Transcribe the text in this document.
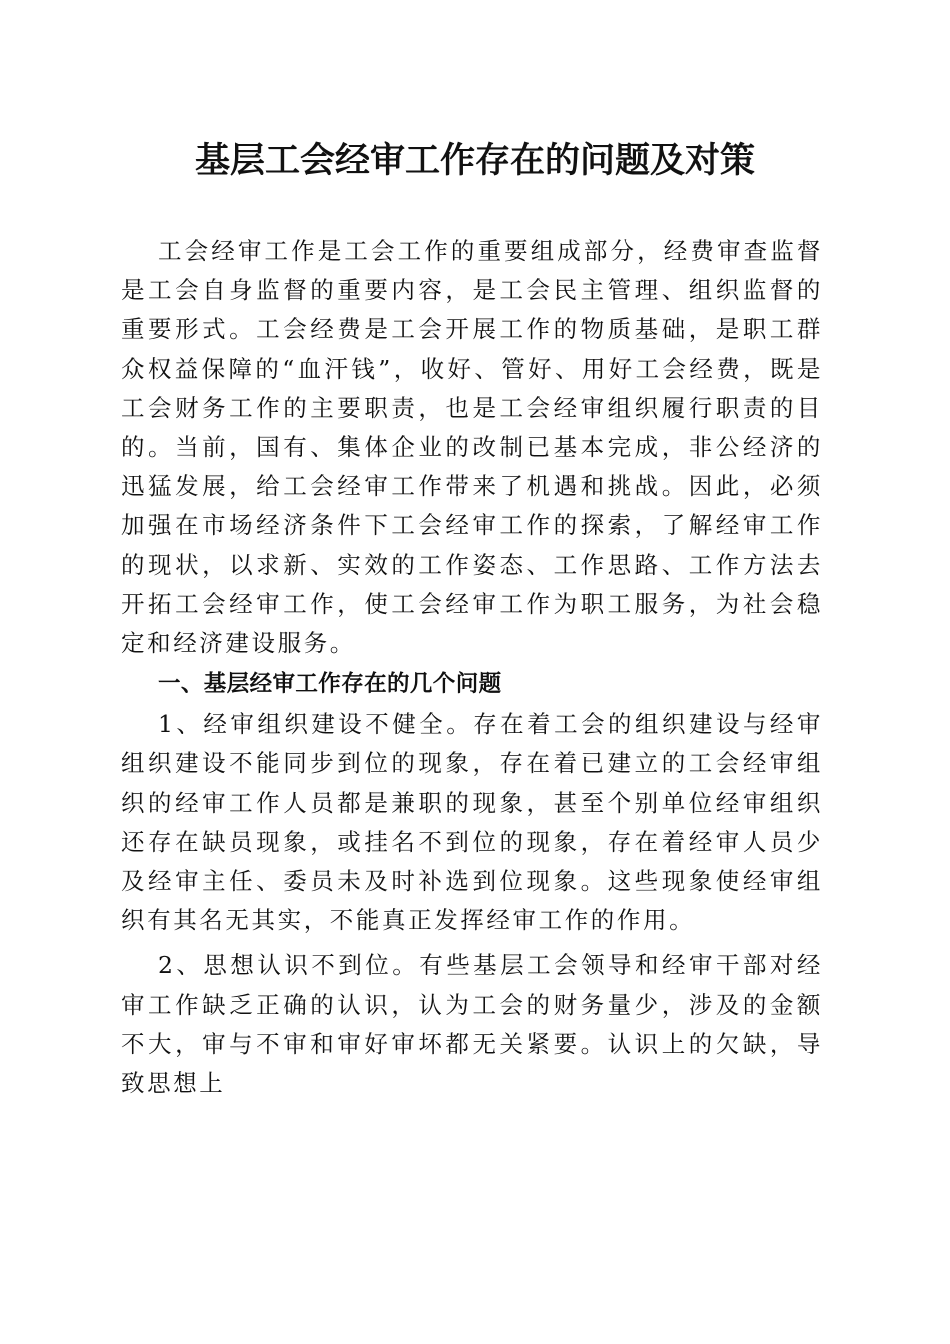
基层工会经审工作存在的问题及对策

工会经审工作是工会工作的重要组成部分，经费审查监督是工会自身监督的重要内容，是工会民主管理、组织监督的重要形式。工会经费是工会开展工作的物质基础，是职工群众权益保障的“血汗钱”，收好、管好、用好工会经费，既是工会财务工作的主要职责，也是工会经审组织履行职责的目的。当前，国有、集体企业的改制已基本完成，非公经济的迅猛发展，给工会经审工作带来了机遇和挑战。因此，必须加强在市场经济条件下工会经审工作的探索，了解经审工作的现状，以求新、实效的工作姿态、工作思路、工作方法去开拓工会经审工作，使工会经审工作为职工服务，为社会稳定和经济建设服务。

一、基层经审工作存在的几个问题

1、经审组织建设不健全。存在着工会的组织建设与经审组织建设不能同步到位的现象，存在着已建立的工会经审组织的经审工作人员都是兼职的现象，甚至个别单位经审组织还存在缺员现象，或挂名不到位的现象，存在着经审人员少及经审主任、委员未及时补选到位现象。这些现象使经审组织有其名无其实，不能真正发挥经审工作的作用。

2、思想认识不到位。有些基层工会领导和经审干部对经审工作缺乏正确的认识，认为工会的财务量少，涉及的金额不大，审与不审和审好审坏都无关紧要。认识上的欠缺，导致思想上
